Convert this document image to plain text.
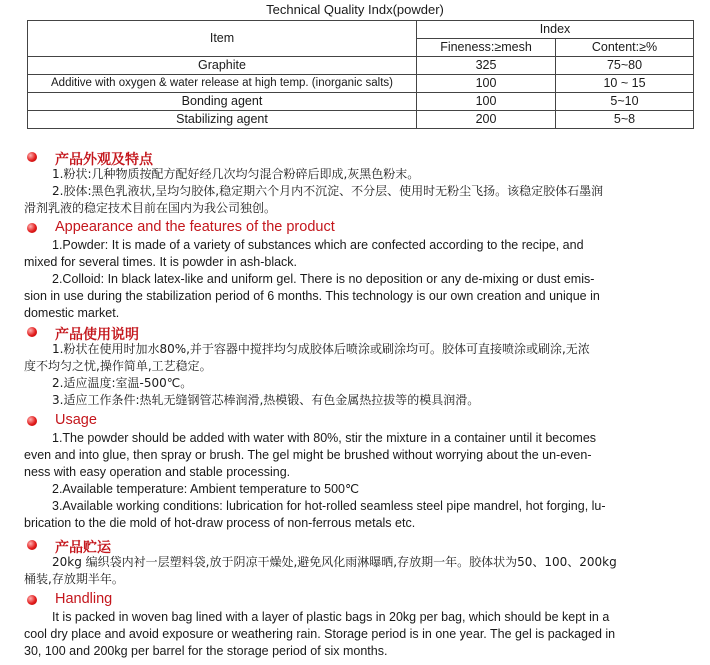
Technical Quality Indx(powder)
Item	Index	
	Fineness:≥mesh	Content:≥%
Graphite	325	75~80
Additive with oxygen & water release at high temp. (inorganic salts)	100	10 ~ 15
Bonding agent	100	5~10
Stabilizing agent	200	5~8
产品外观及特点
1.粉状:几种物质按配方配好经几次均匀混合粉碎后即成,灰黑色粉末。
2.胶体:黑色乳液状,呈均匀胶体,稳定期六个月内不沉淀、不分层、使用时无粉尘飞扬。该稳定胶体石墨润
滑剂乳液的稳定技术目前在国内为我公司独创。
Appearance and the features of the product
1.Powder: It is made of a variety of substances which are confected according to the recipe, and
mixed for several times. It is powder in ash-black.
2.Colloid: In black latex-like and uniform gel. There is no deposition or any de-mixing or dust emis-
sion in use during the stabilization period of 6 months. This technology is our own creation and unique in
domestic market.
产品使用说明
1.粉状在使用时加水80%,并于容器中搅拌均匀成胶体后喷涂或刷涂均可。胶体可直接喷涂或刷涂,无浓
度不均匀之忧,操作简单,工艺稳定。
2.适应温度:室温-500℃。
3.适应工作条件:热轧无缝钢管芯棒润滑,热模锻、有色金属热拉拔等的模具润滑。
Usage
1.The powder should be added with water with 80%, stir the mixture in a container until it becomes
even and into glue, then spray or brush. The gel might be brushed without worrying about the un-even-
ness with easy operation and stable processing.
2.Available temperature: Ambient temperature to 500℃
3.Available working conditions: lubrication for hot-rolled seamless steel pipe mandrel, hot forging, lu-
brication to the die mold of hot-draw process of non-ferrous metals etc.
产品贮运
20kg 编织袋内衬一层塑料袋,放于阴凉干燥处,避免风化雨淋曝晒,存放期一年。胶体状为50、100、200kg
桶装,存放期半年。
Handling
It is packed in woven bag lined with a layer of plastic bags in 20kg per bag, which should be kept in a
cool dry place and avoid exposure or weathering rain. Storage period is in one year. The gel is packaged in
30, 100 and 200kg per barrel for the storage period of six months.
